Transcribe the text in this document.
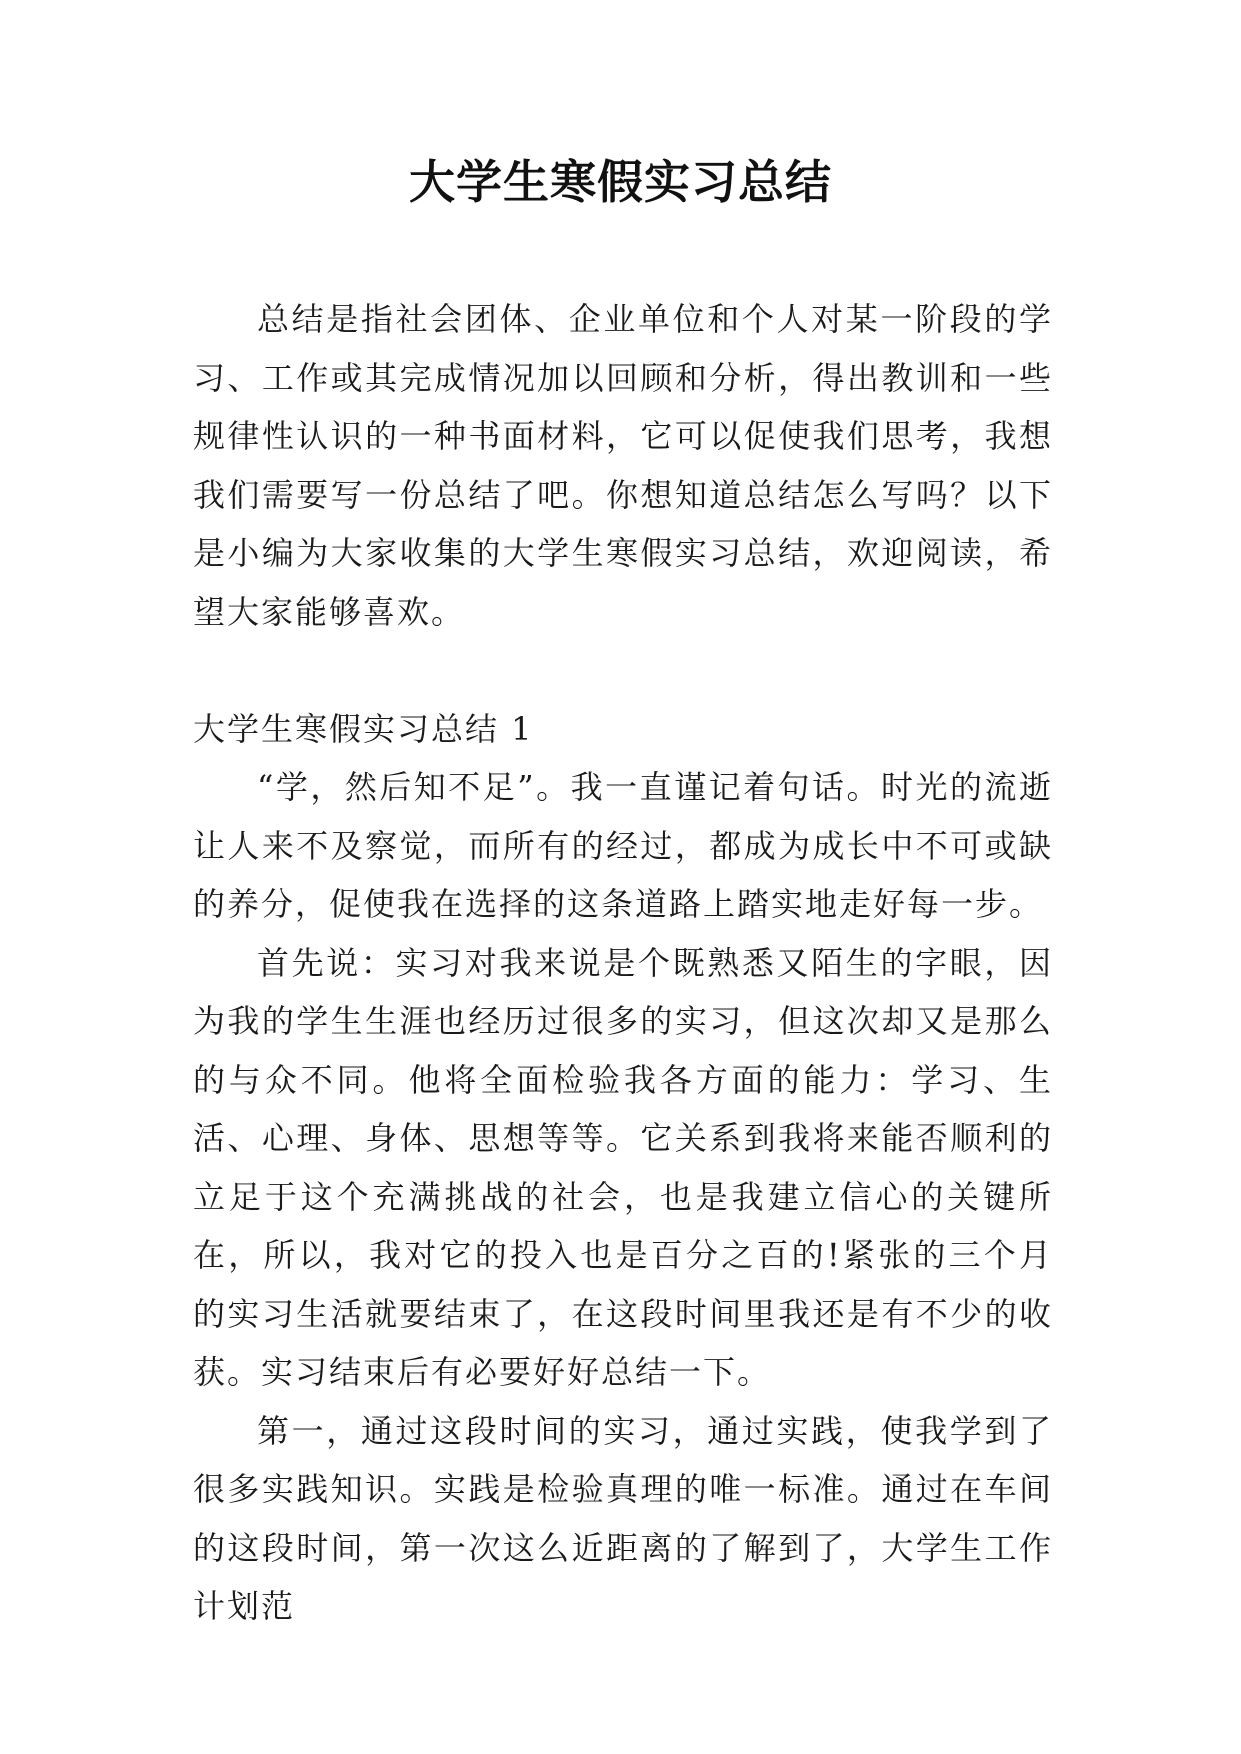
大学生寒假实习总结

总结是指社会团体、企业单位和个人对某一阶段的学习、工作或其完成情况加以回顾和分析，得出教训和一些规律性认识的一种书面材料，它可以促使我们思考，我想我们需要写一份总结了吧。你想知道总结怎么写吗？以下是小编为大家收集的大学生寒假实习总结，欢迎阅读，希望大家能够喜欢。

大学生寒假实习总结 1

“学，然后知不足”。我一直谨记着句话。时光的流逝让人来不及察觉，而所有的经过，都成为成长中不可或缺的养分，促使我在选择的这条道路上踏实地走好每一步。

首先说：实习对我来说是个既熟悉又陌生的字眼，因为我的学生生涯也经历过很多的实习，但这次却又是那么的与众不同。他将全面检验我各方面的能力：学习、生活、心理、身体、思想等等。它关系到我将来能否顺利的立足于这个充满挑战的社会，也是我建立信心的关键所在，所以，我对它的投入也是百分之百的!紧张的三个月的实习生活就要结束了，在这段时间里我还是有不少的收获。实习结束后有必要好好总结一下。

第一，通过这段时间的实习，通过实践，使我学到了很多实践知识。实践是检验真理的唯一标准。通过在车间的这段时间，第一次这么近距离的了解到了，大学生工作计划范
